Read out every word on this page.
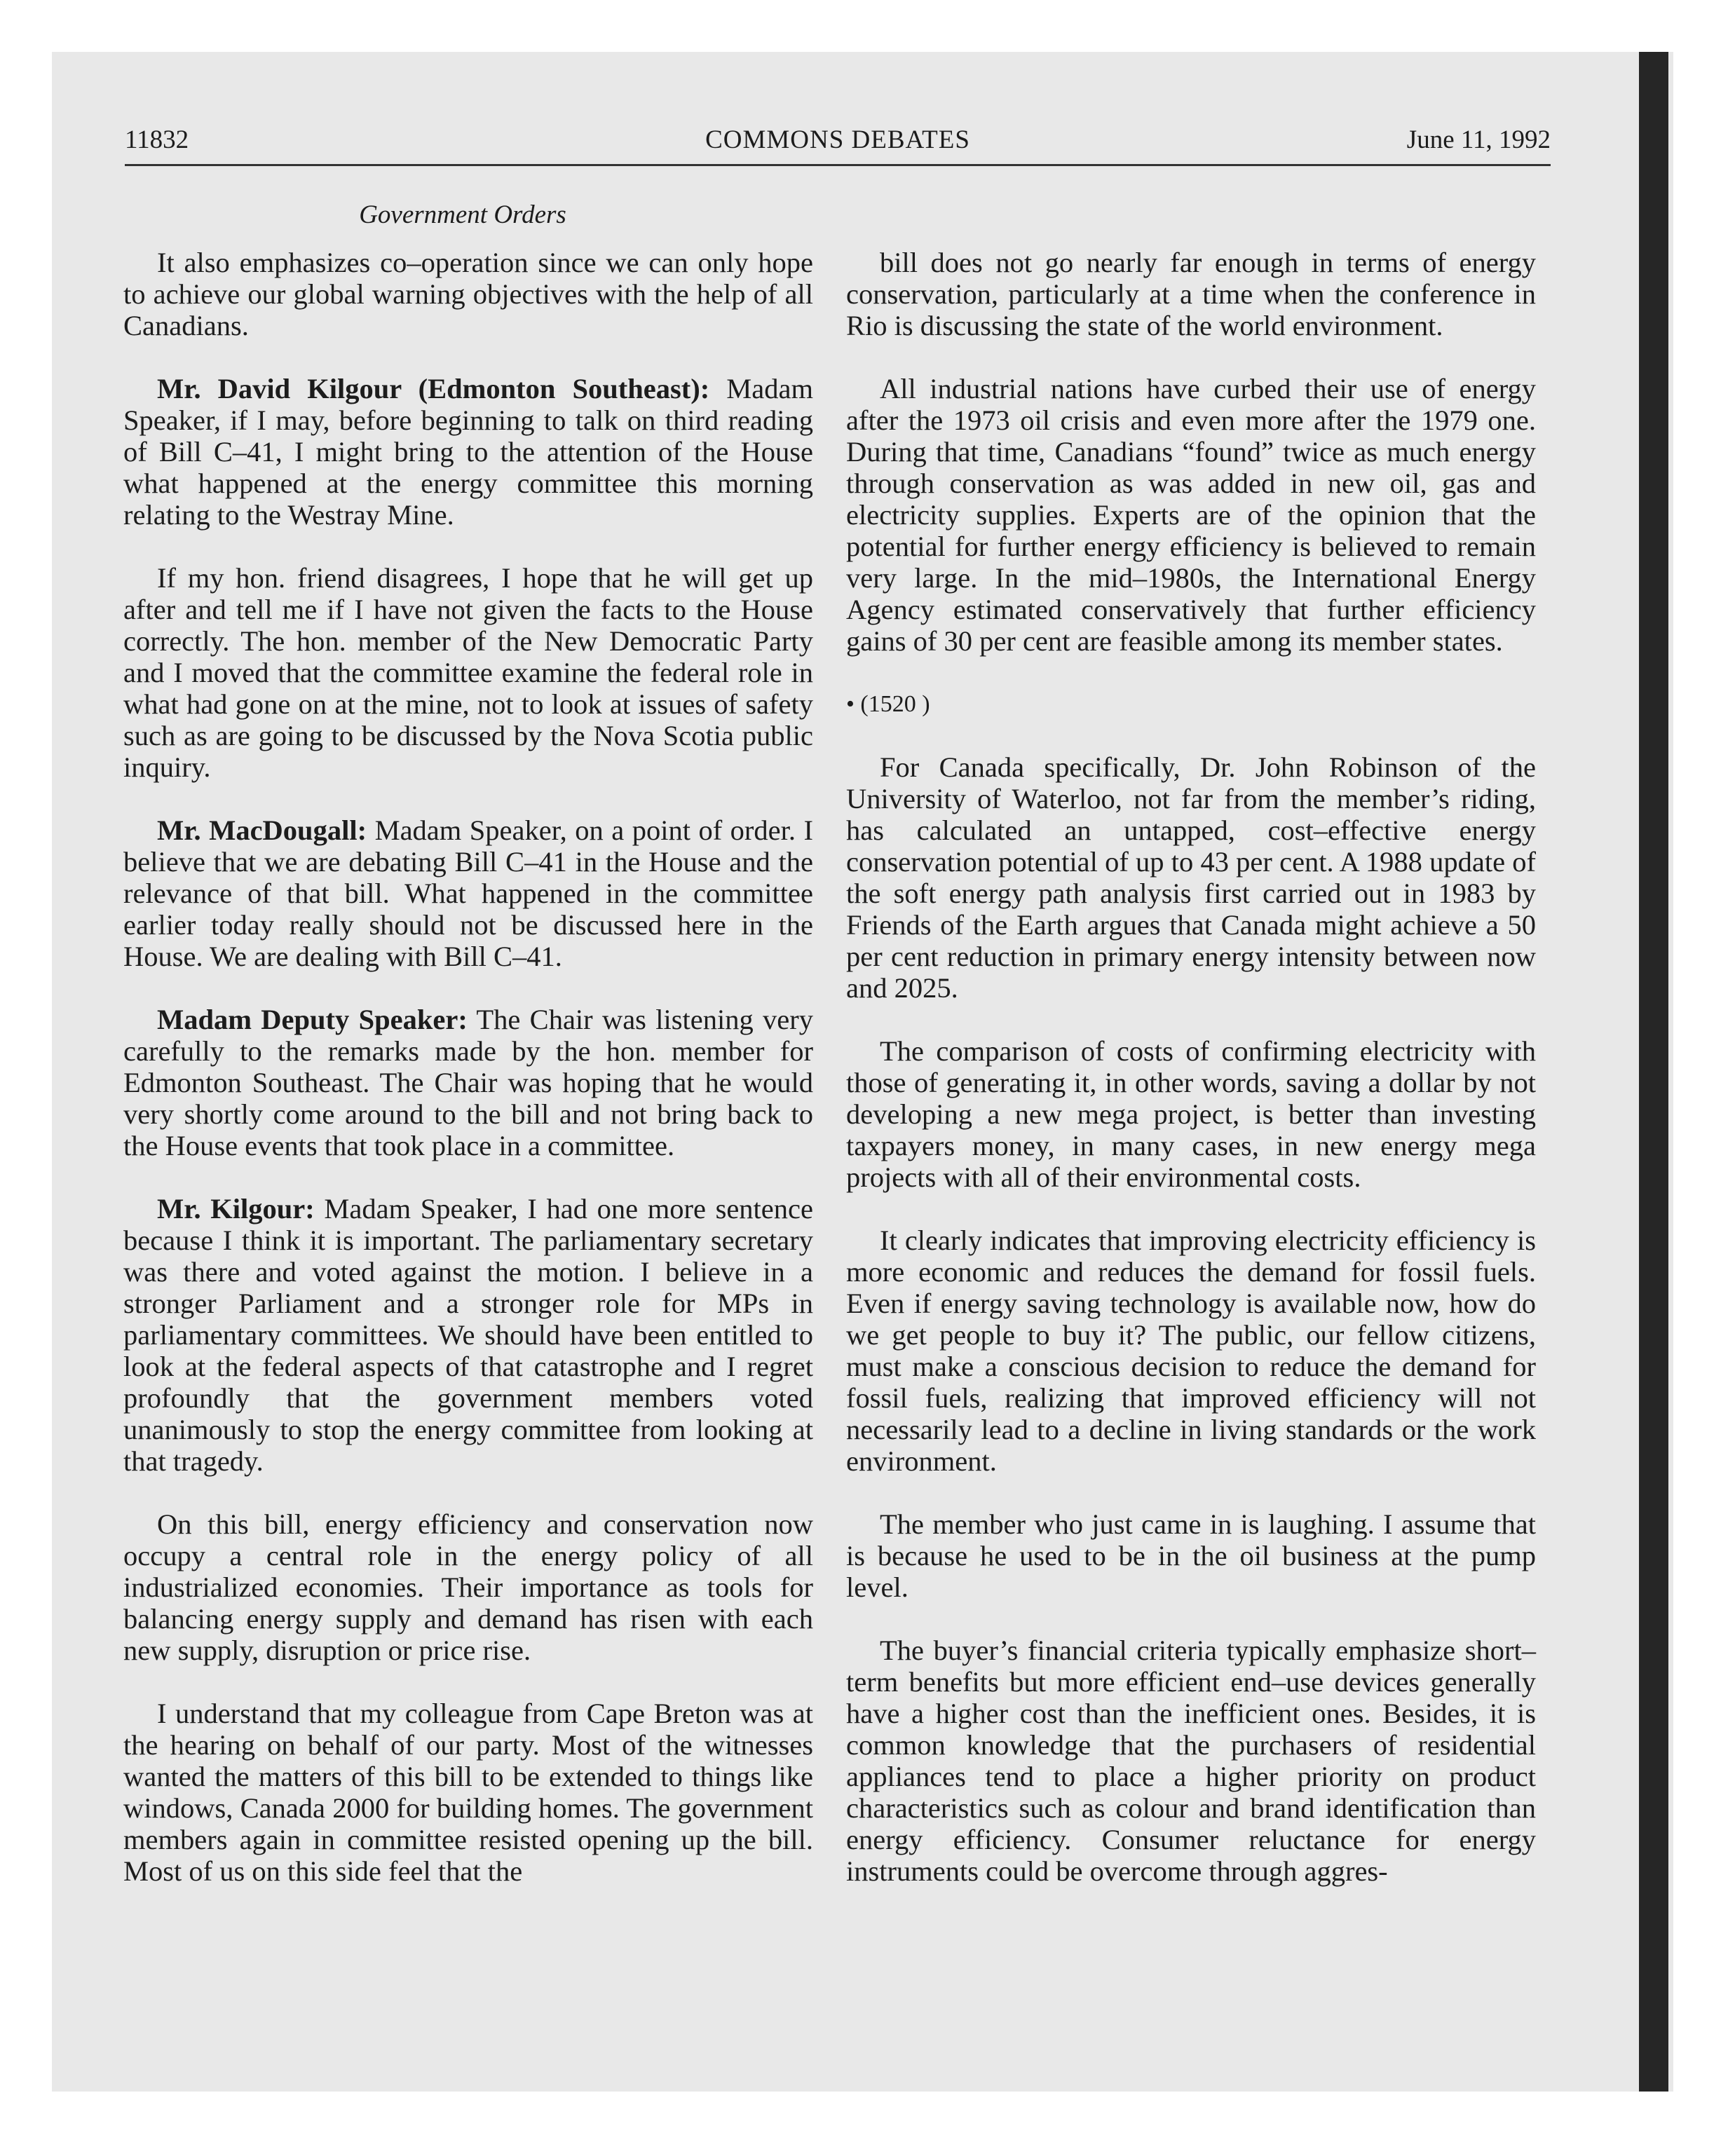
11832	COMMONS DEBATES	June 11, 1992
Government Orders

It also emphasizes co–operation since we can only hope to achieve our global warning objectives with the help of all Canadians.

Mr. David Kilgour (Edmonton Southeast): Madam Speaker, if I may, before beginning to talk on third reading of Bill C–41, I might bring to the attention of the House what happened at the energy committee this morning relating to the Westray Mine.

If my hon. friend disagrees, I hope that he will get up after and tell me if I have not given the facts to the House correctly. The hon. member of the New Democratic Party and I moved that the committee examine the federal role in what had gone on at the mine, not to look at issues of safety such as are going to be discussed by the Nova Scotia public inquiry.

Mr. MacDougall: Madam Speaker, on a point of order. I believe that we are debating Bill C–41 in the House and the relevance of that bill. What happened in the committee earlier today really should not be discussed here in the House. We are dealing with Bill C–41.

Madam Deputy Speaker: The Chair was listening very carefully to the remarks made by the hon. member for Edmonton Southeast. The Chair was hoping that he would very shortly come around to the bill and not bring back to the House events that took place in a committee.

Mr. Kilgour: Madam Speaker, I had one more sentence because I think it is important. The parliamentary secretary was there and voted against the motion. I believe in a stronger Parliament and a stronger role for MPs in parliamentary committees. We should have been entitled to look at the federal aspects of that catastrophe and I regret profoundly that the government members voted unanimously to stop the energy committee from looking at that tragedy.

On this bill, energy efficiency and conservation now occupy a central role in the energy policy of all industrialized economies. Their importance as tools for balancing energy supply and demand has risen with each new supply, disruption or price rise.

I understand that my colleague from Cape Breton was at the hearing on behalf of our party. Most of the witnesses wanted the matters of this bill to be extended to things like windows, Canada 2000 for building homes. The government members again in committee resisted opening up the bill. Most of us on this side feel that the

bill does not go nearly far enough in terms of energy conservation, particularly at a time when the conference in Rio is discussing the state of the world environment.

All industrial nations have curbed their use of energy after the 1973 oil crisis and even more after the 1979 one. During that time, Canadians “found” twice as much energy through conservation as was added in new oil, gas and electricity supplies. Experts are of the opinion that the potential for further energy efficiency is believed to remain very large. In the mid–1980s, the International Energy Agency estimated conservatively that further efficiency gains of 30 per cent are feasible among its member states.

• (1520 )

For Canada specifically, Dr. John Robinson of the University of Waterloo, not far from the member’s riding, has calculated an untapped, cost–effective energy conservation potential of up to 43 per cent. A 1988 update of the soft energy path analysis first carried out in 1983 by Friends of the Earth argues that Canada might achieve a 50 per cent reduction in primary energy intensity between now and 2025.

The comparison of costs of confirming electricity with those of generating it, in other words, saving a dollar by not developing a new mega project, is better than investing taxpayers money, in many cases, in new energy mega projects with all of their environmental costs.

It clearly indicates that improving electricity efficiency is more economic and reduces the demand for fossil fuels. Even if energy saving technology is available now, how do we get people to buy it? The public, our fellow citizens, must make a conscious decision to reduce the demand for fossil fuels, realizing that improved efficiency will not necessarily lead to a decline in living standards or the work environment.

The member who just came in is laughing. I assume that is because he used to be in the oil business at the pump level.

The buyer’s financial criteria typically emphasize short–term benefits but more efficient end–use devices generally have a higher cost than the inefficient ones. Besides, it is common knowledge that the purchasers of residential appliances tend to place a higher priority on product characteristics such as colour and brand identification than energy efficiency. Consumer reluctance for energy instruments could be overcome through aggres-
